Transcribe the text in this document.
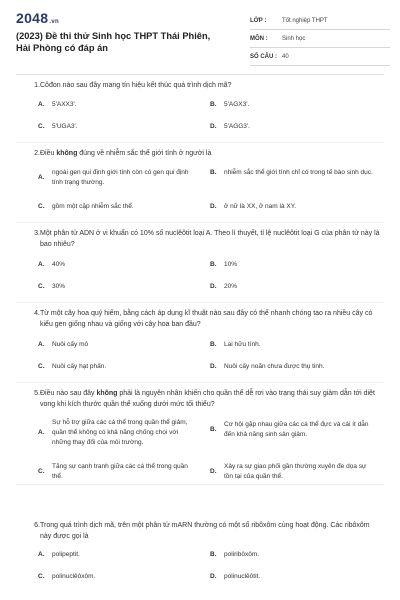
2048.vn
(2023) Đề thi thử Sinh học THPT Thái Phiên, Hải Phòng có đáp án
LỚP :	Tốt nghiệp THPT
MÔN :	Sinh học
SỐ CÂU : 40
1. Côđon nào sau đây mang tín hiệu kết thúc quá trình dịch mã?
A.	5'AXX3'.	B.	5'AGX3'.
C.	5'UGA3'.	D.	5'AGG3'.
2. Điều không đúng về nhiễm sắc thể giới tính ở người là
A.
ngoài gen qui định giới tính còn có gen qui định tính trạng thường.
B.	nhiễm sắc thể giới tính chỉ có trong tế bào sinh dục.
C.	gồm một cặp nhiễm sắc thể.	D.	ở nữ là XX, ở nam là XY.
3. Một phân tử ADN ở vi khuẩn có 10% số nuclêôtit loại A. Theo lí thuyết, tỉ lệ nuclêôtit loại G của phân tử này là bao nhiêu?
A.	40%	B.	10%
C.	30%	D.	20%
4. Từ một cây hoa quý hiếm, bằng cách áp dụng kĩ thuật nào sau đây có thể nhanh chóng tạo ra nhiều cây có kiểu gen giống nhau và giống với cây hoa ban đầu?
A.	Nuôi cấy mô	B.	Lai hữu tính.
C.	Nuôi cấy hạt phấn.	D.	Nuôi cấy noãn chưa được thụ tinh.
5. Điều nào sau đây không phải là nguyên nhân khiến cho quần thể dễ rơi vào trạng thái suy giảm dẫn tới diệt vong khi kích thước quần thể xuống dưới mức tối thiểu?
A.
Sự hỗ trợ giữa các cá thể trong quần thể giảm, quần thể không có khả năng chống chọi với những thay đổi của môi trường.
B.
Cơ hội gặp nhau giữa các cá thể đực và cái ít dẫn đến khả năng sinh sản giảm.
C.
Tăng sự cạnh tranh giữa các cá thể trong quần thể.
D.
Xảy ra sự giao phối gần thường xuyên đe dọa sự tồn tại của quần thể.
6. Trong quá trình dịch mã, trên một phân tử mARN thường có một số ribôxôm cùng hoạt động. Các ribôxôm này được gọi là
A.	polipeptit.	B.	poliribôxôm.
C.	polinuclêôxôm.	D.	polinuclêôtit.
